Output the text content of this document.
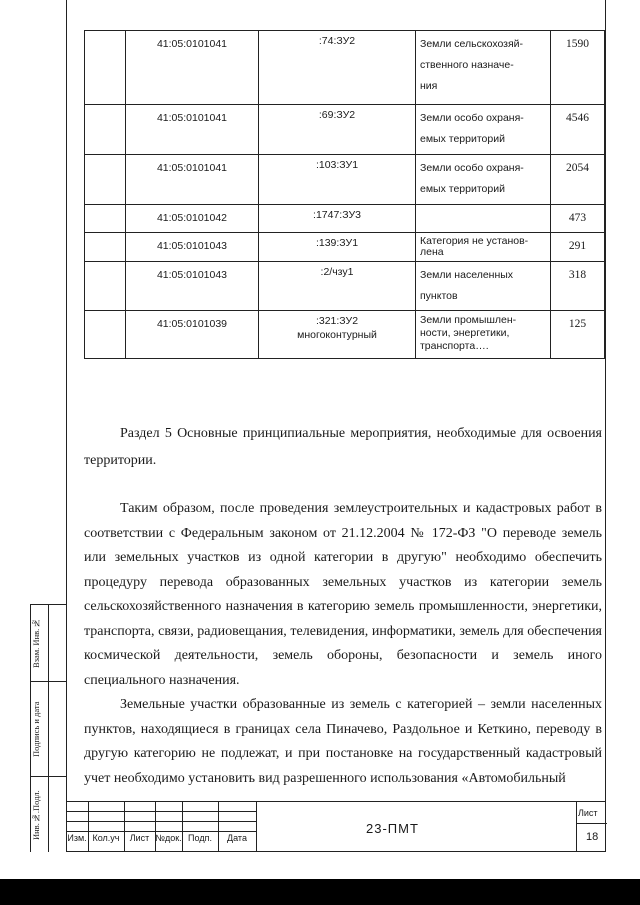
	41:05:0101041	:74:ЗУ2	Земли сельскохозяй-
ственного назначе-
ния	1590
	41:05:0101041	:69:ЗУ2	Земли особо охраня-
емых территорий	4546
	41:05:0101041	:103:ЗУ1	Земли особо охраня-
емых территорий	2054
	41:05:0101042	:1747:ЗУ3		473
	41:05:0101043	:139:ЗУ1	Категория не установ-
лена	291
	41:05:0101043	:2/чзу1	Земли населенных
пунктов	318
	41:05:0101039	:321:ЗУ2
многоконтурный	Земли промышлен-
ности, энергетики,
транспорта….	125
Раздел 5 Основные принципиальные мероприятия, необходимые для освоения территории.

Таким образом, после проведения землеустроительных и кадастровых работ в соответствии с Федеральным законом от 21.12.2004 № 172-ФЗ "О переводе земель или земельных участков из одной категории в другую" необходимо обеспечить процедуру перевода образованных земельных участков из категории земель сельскохозяйственного назначения в категорию земель промышленности, энергетики, транспорта, связи, радиовещания, телевидения, информатики, земель для обеспечения космической деятельности, земель обороны, безопасности и земель иного специального назначения.

Земельные участки образованные из земель с категорией – земли населенных пунктов, находящиеся в границах села Пиначево, Раздольное и Кеткино, переводу в другую категорию не подлежат, и при постановке на государственный кадастровый учет необходимо установить вид разрешенного использования «Автомобильный

Взам. Инв.№
Подпись и дата
Инв.№.Подл.	Изм. Кол.уч	Лист №док. Подп.	Дата
23-ПМТ
Лист
18
